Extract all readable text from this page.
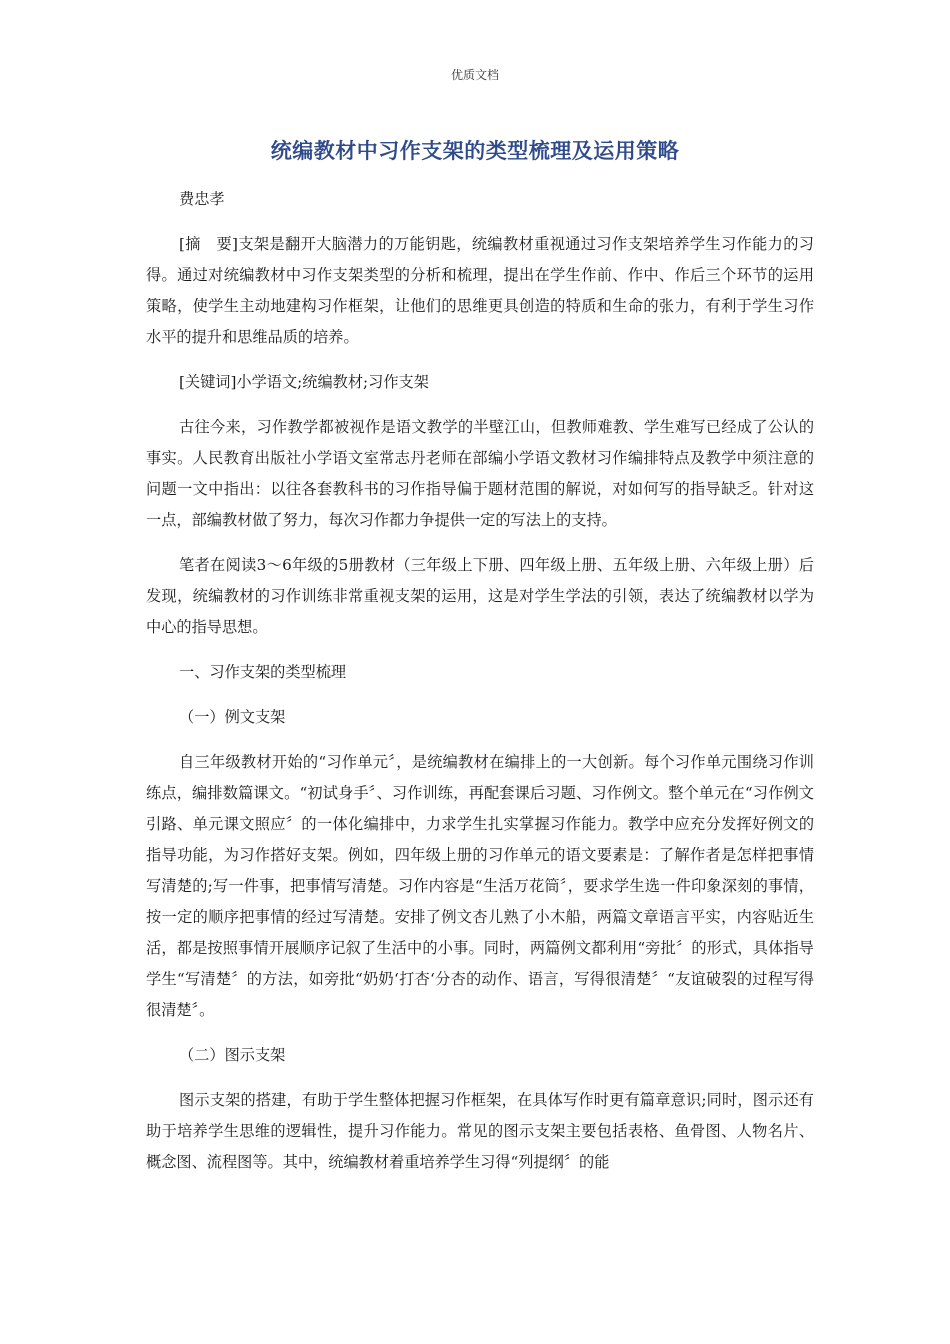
优质文档
统编教材中习作支架的类型梳理及运用策略

费忠孝

[摘　要]支架是翻开大脑潜力的万能钥匙，统编教材重视通过习作支架培养学生习作能力的习得。通过对统编教材中习作支架类型的分析和梳理，提出在学生作前、作中、作后三个环节的运用策略，使学生主动地建构习作框架，让他们的思维更具创造的特质和生命的张力，有利于学生习作水平的提升和思维品质的培养。

[关键词]小学语文;统编教材;习作支架

古往今来，习作教学都被视作是语文教学的半壁江山，但教师难教、学生难写已经成了公认的事实。人民教育出版社小学语文室常志丹老师在部编小学语文教材习作编排特点及教学中须注意的问题一文中指出：以往各套教科书的习作指导偏于题材范围的解说，对如何写的指导缺乏。针对这一点，部编教材做了努力，每次习作都力争提供一定的写法上的支持。

笔者在阅读3～6年级的5册教材（三年级上下册、四年级上册、五年级上册、六年级上册）后发现，统编教材的习作训练非常重视支架的运用，这是对学生学法的引领，表达了统编教材以学为中心的指导思想。

一、习作支架的类型梳理

（一）例文支架

自三年级教材开始的“习作单元〞，是统编教材在编排上的一大创新。每个习作单元围绕习作训练点，编排数篇课文。“初试身手〞、习作训练，再配套课后习题、习作例文。整个单元在“习作例文引路、单元课文照应〞的一体化编排中，力求学生扎实掌握习作能力。教学中应充分发挥好例文的指导功能，为习作搭好支架。例如，四年级上册的习作单元的语文要素是：了解作者是怎样把事情写清楚的;写一件事，把事情写清楚。习作内容是“生活万花筒〞，要求学生选一件印象深刻的事情，按一定的顺序把事情的经过写清楚。安排了例文杏儿熟了小木船，两篇文章语言平实，内容贴近生活，都是按照事情开展顺序记叙了生活中的小事。同时，两篇例文都利用“旁批〞的形式，具体指导学生“写清楚〞的方法，如旁批“奶奶‘打杏‘分杏的动作、语言，写得很清楚〞“友谊破裂的过程写得很清楚〞。

（二）图示支架

图示支架的搭建，有助于学生整体把握习作框架，在具体写作时更有篇章意识;同时，图示还有助于培养学生思维的逻辑性，提升习作能力。常见的图示支架主要包括表格、鱼骨图、人物名片、概念图、流程图等。其中，统编教材着重培养学生习得“列提纲〞的能
